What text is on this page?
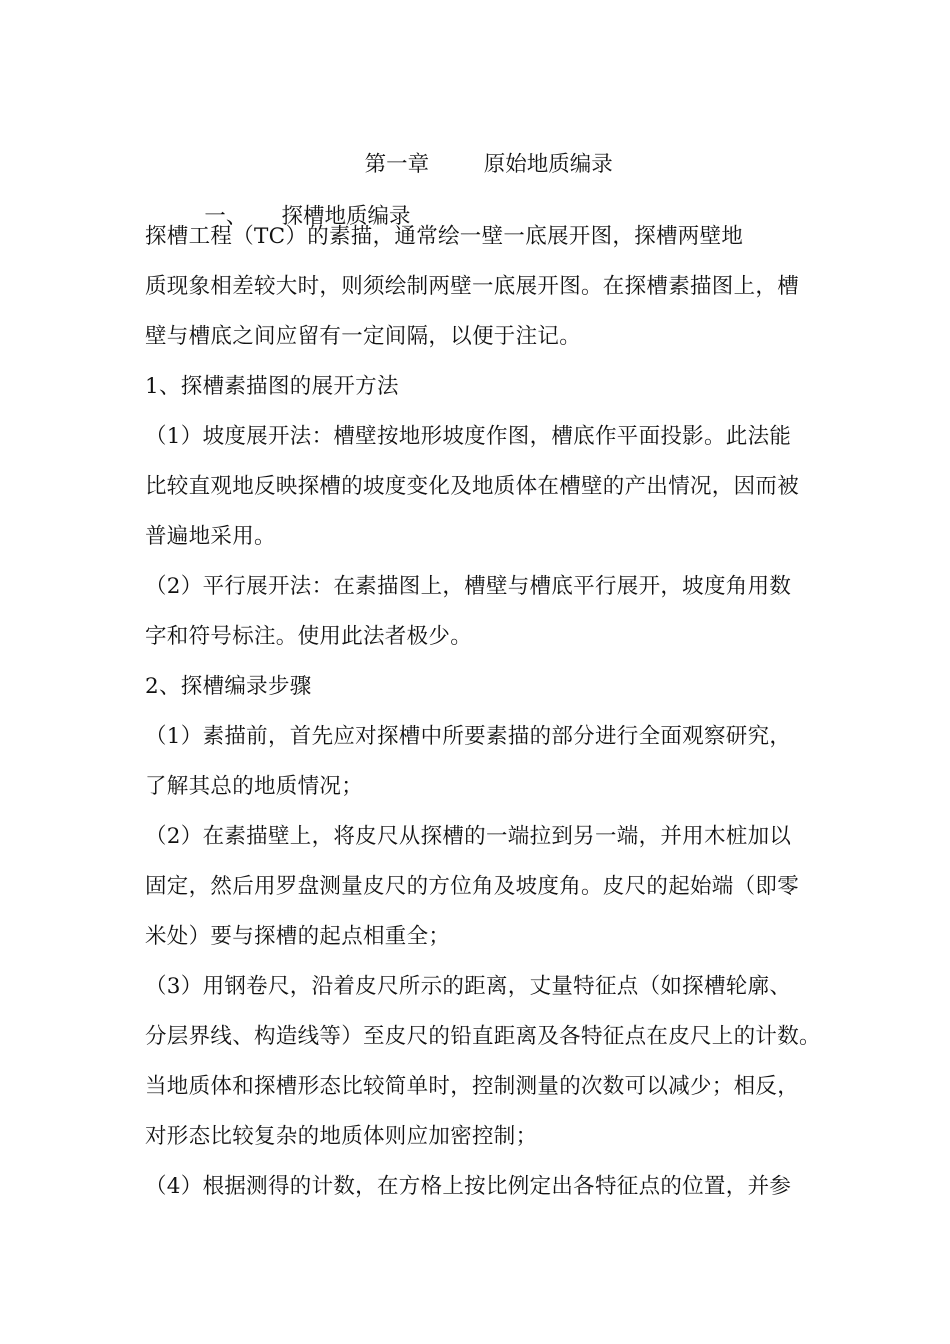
第一章	原始地质编录

一、 探槽地质编录

探槽工程（TC）的素描，通常绘一壁一底展开图，探槽两壁地
质现象相差较大时，则须绘制两壁一底展开图。在探槽素描图上，槽
壁与槽底之间应留有一定间隔，以便于注记。
1、探槽素描图的展开方法
（1）坡度展开法：槽壁按地形坡度作图，槽底作平面投影。此法能
比较直观地反映探槽的坡度变化及地质体在槽壁的产出情况，因而被
普遍地采用。
（2）平行展开法：在素描图上，槽壁与槽底平行展开，坡度角用数
字和符号标注。使用此法者极少。
2、探槽编录步骤
（1）素描前，首先应对探槽中所要素描的部分进行全面观察研究，
了解其总的地质情况；
（2）在素描壁上，将皮尺从探槽的一端拉到另一端，并用木桩加以
固定，然后用罗盘测量皮尺的方位角及坡度角。皮尺的起始端（即零
米处）要与探槽的起点相重全；
（3）用钢卷尺，沿着皮尺所示的距离，丈量特征点（如探槽轮廓、
分层界线、构造线等）至皮尺的铅直距离及各特征点在皮尺上的计数。
当地质体和探槽形态比较简单时，控制测量的次数可以减少；相反，
对形态比较复杂的地质体则应加密控制；
（4）根据测得的计数，在方格上按比例定出各特征点的位置，并参
